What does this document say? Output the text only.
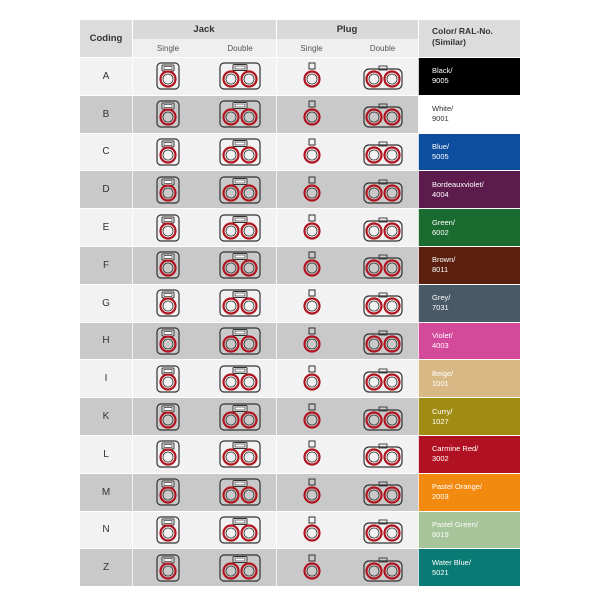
Coding
Jack	Plug
Single	Double	Single	Double
Color/ RAL-No.
(Similar)
A	Black/
9005
B	White/
9001
C	Blue/
5005
D	Bordeauxviolet/
4004
E	Green/
6002
F	Brown/
8011
G	Grey/
7031
H	Violet/
4003
I	Beige/
1001
K	Curry/
1027
L	Carmine Red/
3002
M	Pastel Orange/
2003
N	Pastel Green/
6019
Z	Water Blue/
5021
